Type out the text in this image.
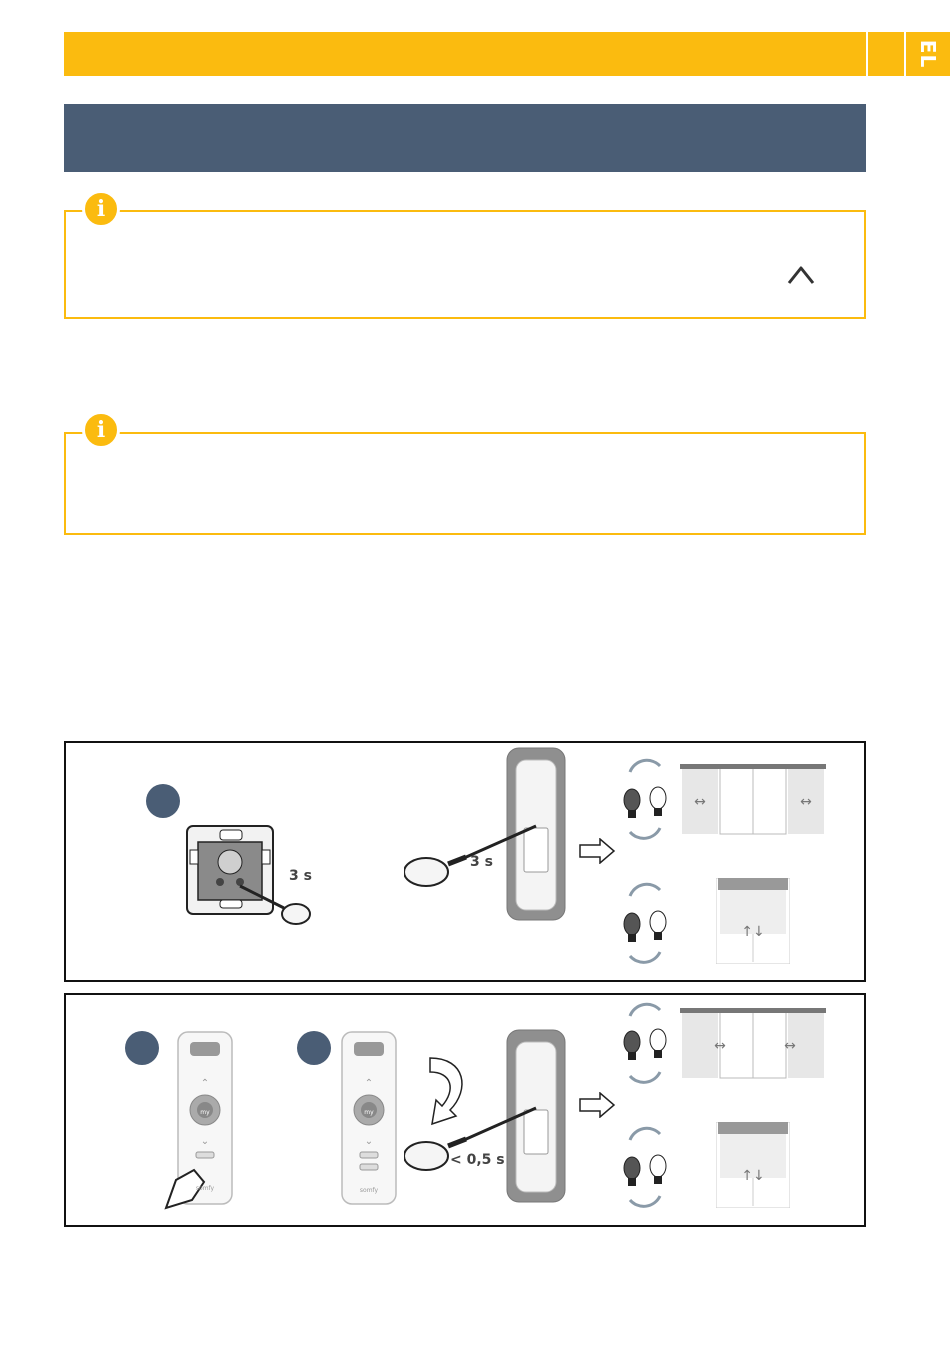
EL
i
i
3 s
3 s
↔	↔
↑↓
⌃
my
⌄
somfy
⌃
my
⌄
somfy
< 0,5 s
↔	↔
↑↓
